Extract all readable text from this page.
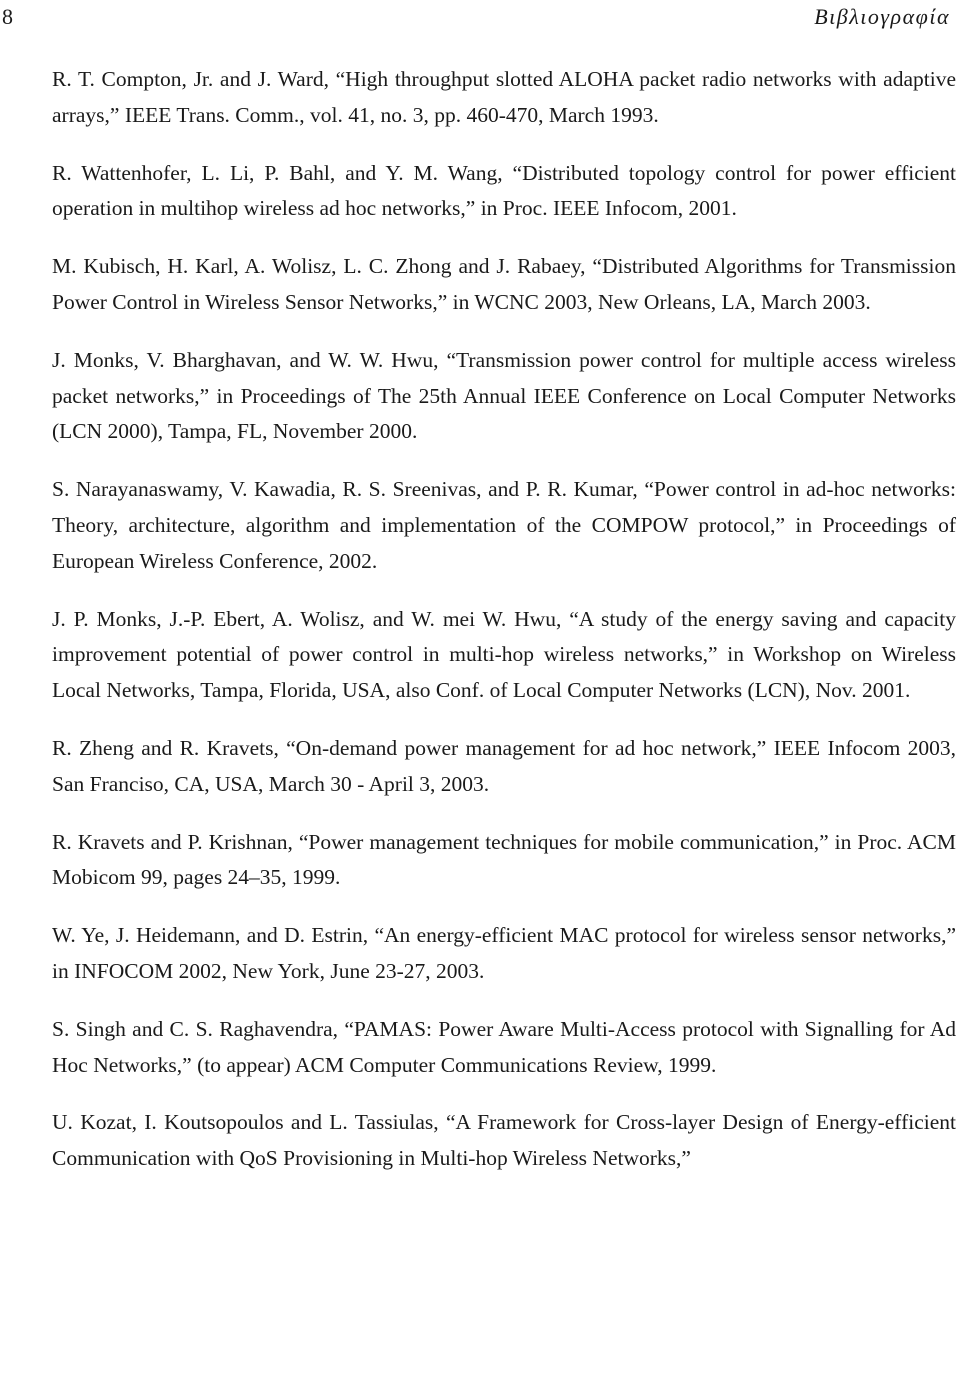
8	Βιβλιογραφία
R. T. Compton, Jr. and J. Ward, “High throughput slotted ALOHA packet radio networks with adaptive arrays,” IEEE Trans. Comm., vol. 41, no. 3, pp. 460-470, March 1993.
R. Wattenhofer, L. Li, P. Bahl, and Y. M. Wang, “Distributed topology control for power efficient operation in multihop wireless ad hoc networks,” in Proc. IEEE Infocom, 2001.
M. Kubisch, H. Karl, A. Wolisz, L. C. Zhong and J. Rabaey, “Distributed Algorithms for Transmission Power Control in Wireless Sensor Networks,” in WCNC 2003, New Orleans, LA, March 2003.
J. Monks, V. Bharghavan, and W. W. Hwu, “Transmission power control for multiple access wireless packet networks,” in Proceedings of The 25th Annual IEEE Conference on Local Computer Networks (LCN 2000), Tampa, FL, November 2000.
S. Narayanaswamy, V. Kawadia, R. S. Sreenivas, and P. R. Kumar, “Power control in ad-hoc networks: Theory, architecture, algorithm and implementation of the COMPOW protocol,” in Proceedings of European Wireless Conference, 2002.
J. P. Monks, J.-P. Ebert, A. Wolisz, and W. mei W. Hwu, “A study of the energy saving and capacity improvement potential of power control in multi-hop wireless networks,” in Workshop on Wireless Local Networks, Tampa, Florida, USA, also Conf. of Local Computer Networks (LCN), Nov. 2001.
R. Zheng and R. Kravets, “On-demand power management for ad hoc network,” IEEE Infocom 2003, San Franciso, CA, USA, March 30 - April 3, 2003.
R. Kravets and P. Krishnan, “Power management techniques for mobile communication,” in Proc. ACM Mobicom 99, pages 24–35, 1999.
W. Ye, J. Heidemann, and D. Estrin, “An energy-efficient MAC protocol for wireless sensor networks,” in INFOCOM 2002, New York, June 23-27, 2003.
S. Singh and C. S. Raghavendra, “PAMAS: Power Aware Multi-Access protocol with Signalling for Ad Hoc Networks,” (to appear) ACM Computer Communications Review, 1999.
U. Kozat, I. Koutsopoulos and L. Tassiulas, “A Framework for Cross-layer Design of Energy-efficient Communication with QoS Provisioning in Multi-hop Wireless Networks,”
